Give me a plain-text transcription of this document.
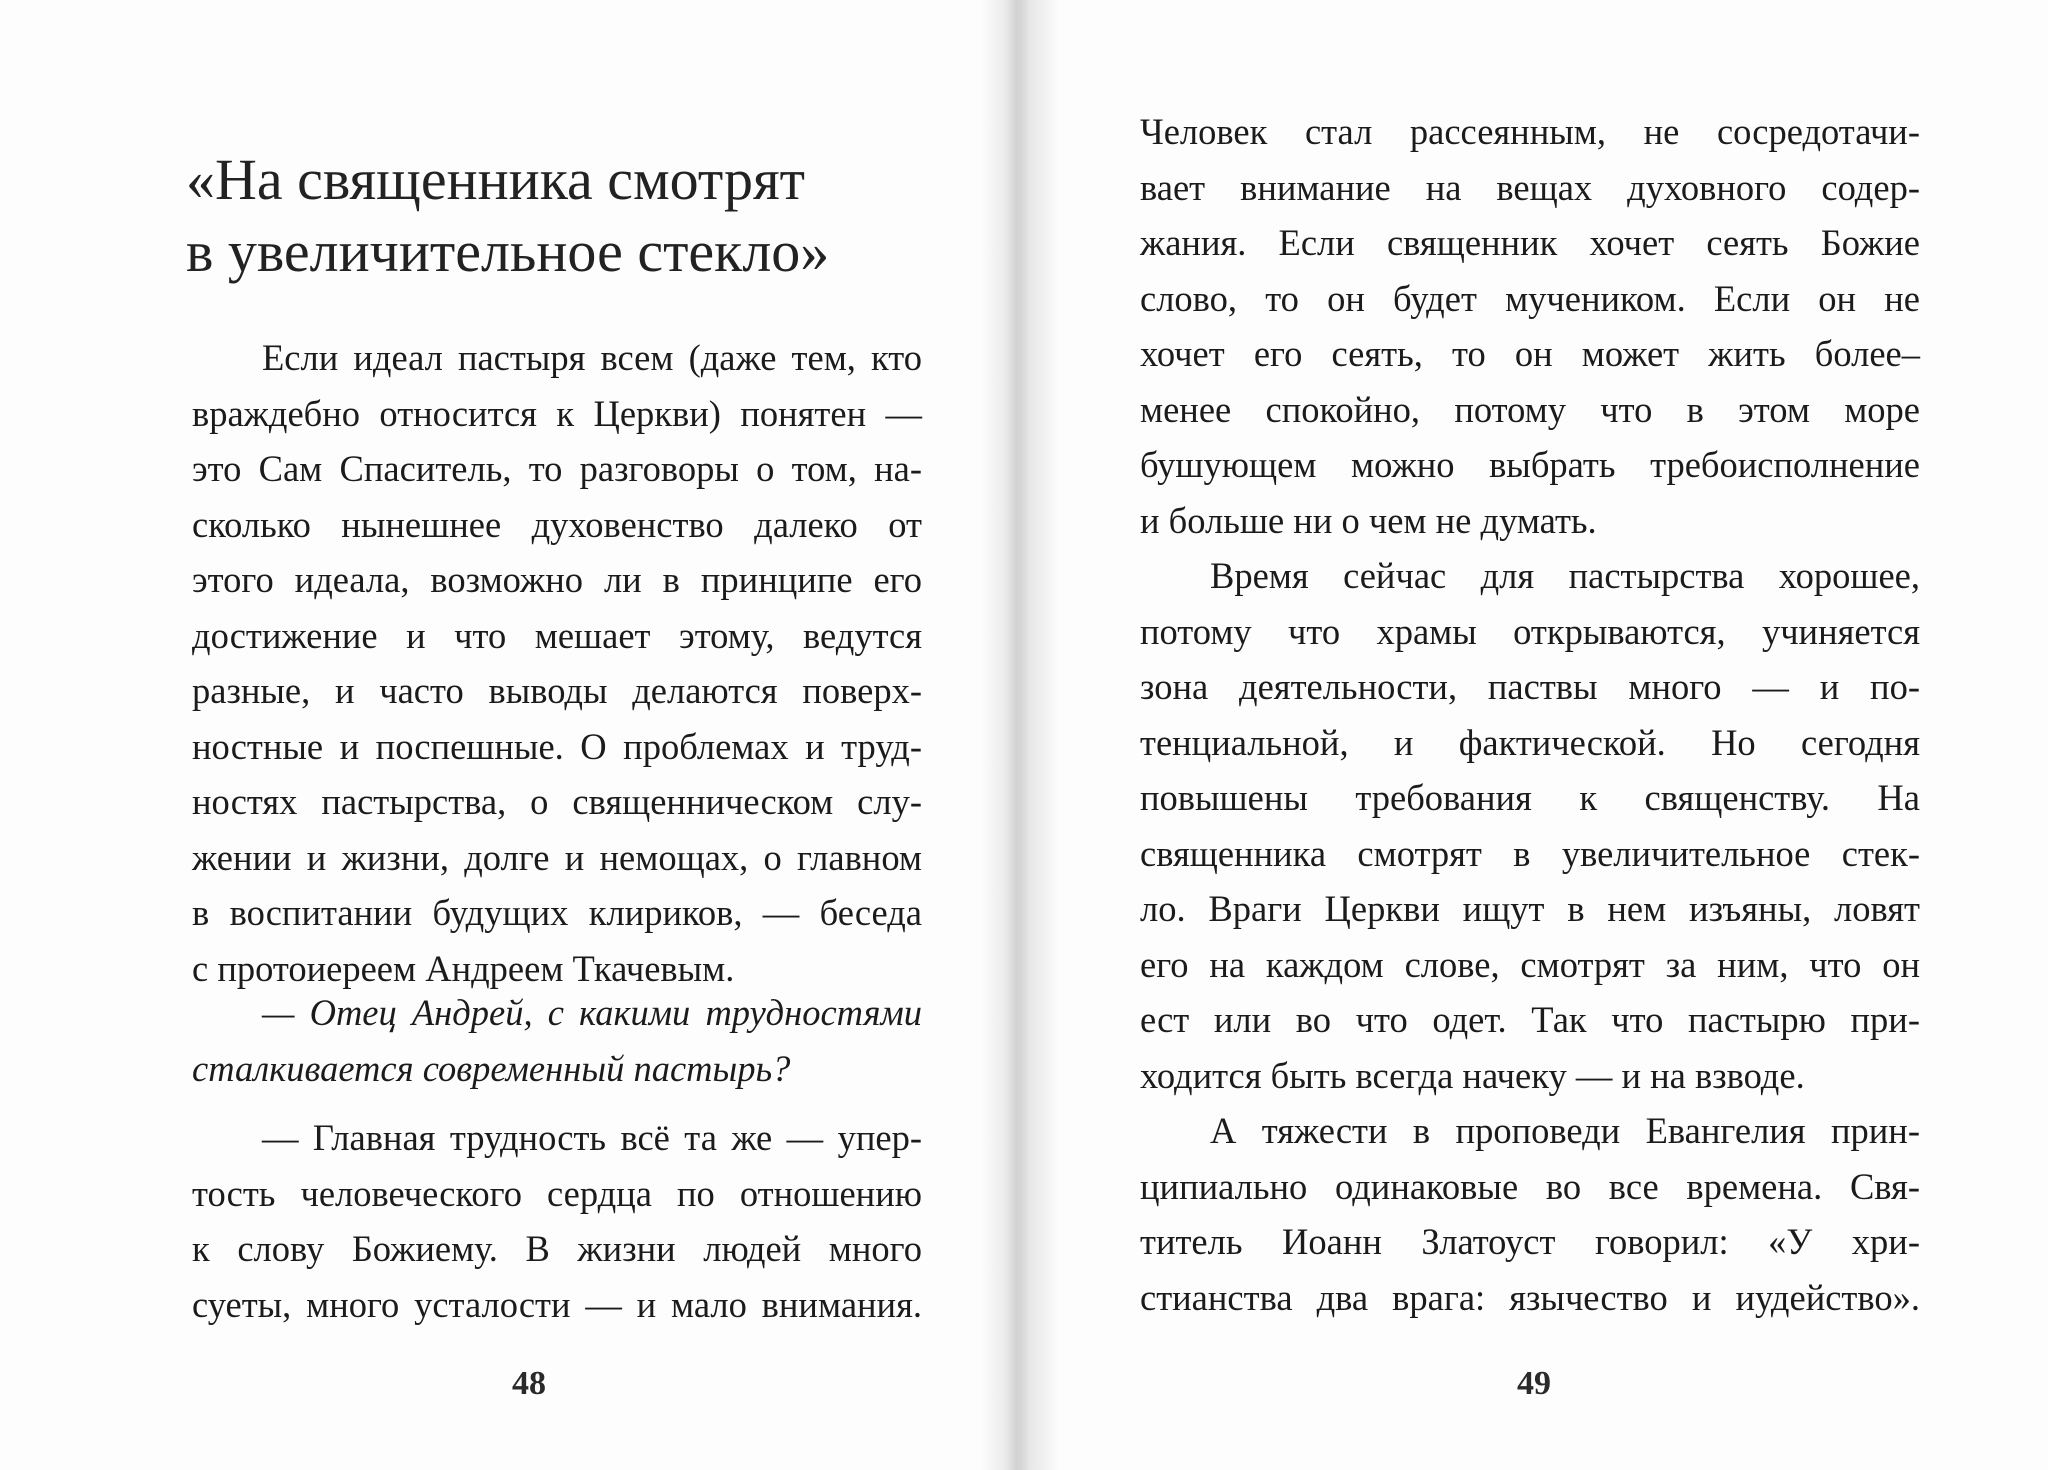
«На священника смотрят
в увеличительное стекло»
Если идеал пастыря всем (даже тем, кто
враждебно относится к Церкви) понятен —
это Сам Спаситель, то разговоры о том, на-
сколько нынешнее духовенство далеко от
этого идеала, возможно ли в принципе его
достижение и что мешает этому, ведутся
разные, и часто выводы делаются поверх-
ностные и поспешные. О проблемах и труд-
ностях пастырства, о священническом слу-
жении и жизни, долге и немощах, о главном
в воспитании будущих клириков, — беседа
с протоиереем Андреем Ткачевым.
— Отец Андрей, с какими трудностями
сталкивается современный пастырь?
— Главная трудность всё та же — упер-
тость человеческого сердца по отношению
к слову Божиему. В жизни людей много
суеты, много усталости — и мало внимания.
48
Человек стал рассеянным, не сосредотачи-
вает внимание на вещах духовного содер-
жания. Если священник хочет сеять Божие
слово, то он будет мучеником. Если он не
хочет его сеять, то он может жить более–
менее спокойно, потому что в этом море
бушующем можно выбрать требоисполнение
и больше ни о чем не думать.
Время сейчас для пастырства хорошее,
потому что храмы открываются, учиняется
зона деятельности, паствы много — и по-
тенциальной, и фактической. Но сегодня
повышены требования к священству. На
священника смотрят в увеличительное стек-
ло. Враги Церкви ищут в нем изъяны, ловят
его на каждом слове, смотрят за ним, что он
ест или во что одет. Так что пастырю при-
ходится быть всегда начеку — и на взводе.
А тяжести в проповеди Евангелия прин-
ципиально одинаковые во все времена. Свя-
титель Иоанн Златоуст говорил: «У хри-
стианства два врага: язычество и иудейство».
49
